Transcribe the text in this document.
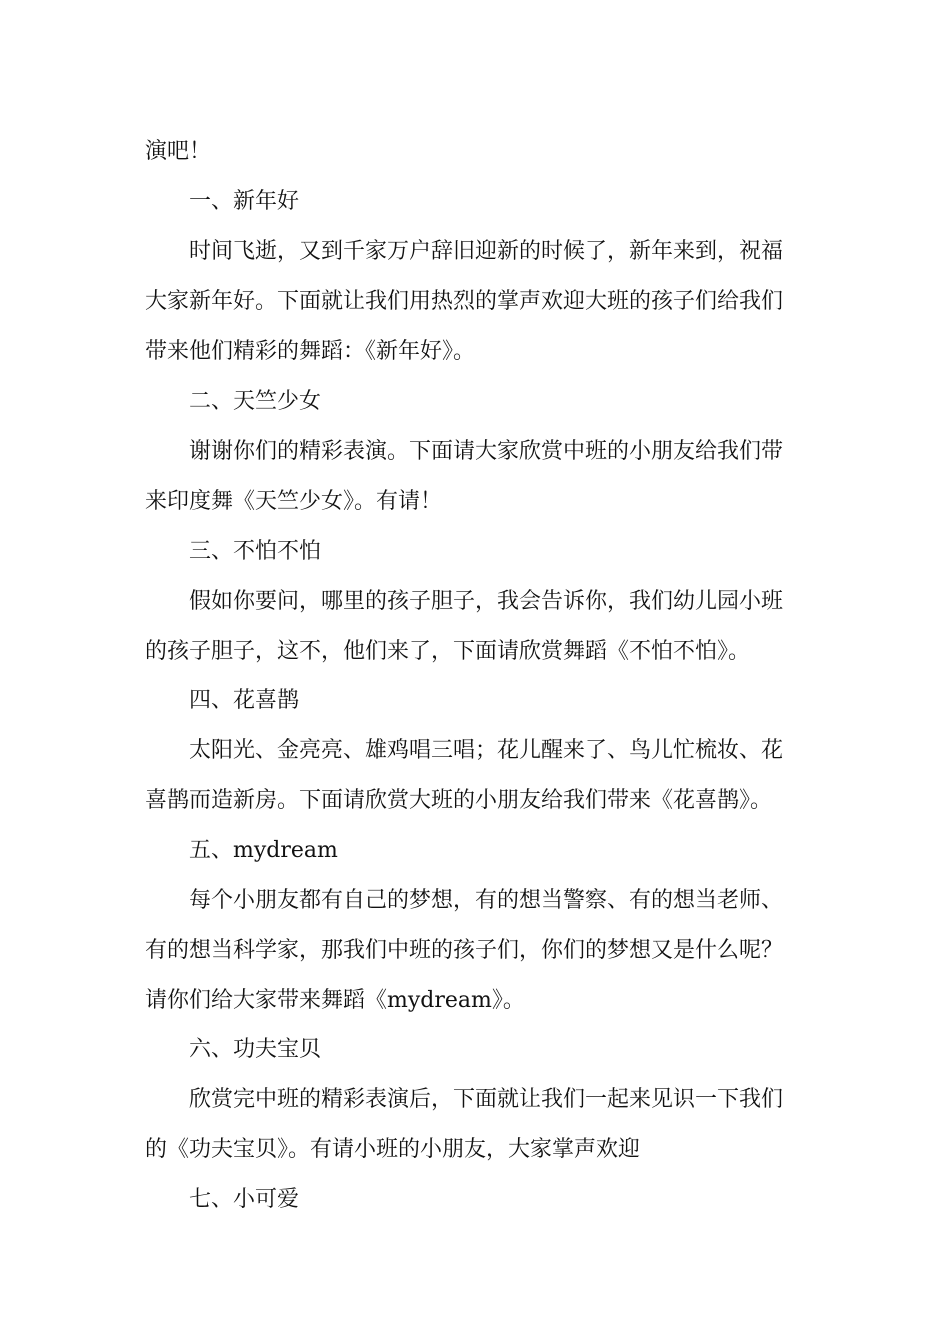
演吧！
一、新年好
时间飞逝，又到千家万户辞旧迎新的时候了，新年来到，祝福
大家新年好。下面就让我们用热烈的掌声欢迎大班的孩子们给我们
带来他们精彩的舞蹈：《新年好》。
二、天竺少女
谢谢你们的精彩表演。下面请大家欣赏中班的小朋友给我们带
来印度舞《天竺少女》。有请！
三、不怕不怕
假如你要问，哪里的孩子胆子，我会告诉你，我们幼儿园小班
的孩子胆子，这不，他们来了，下面请欣赏舞蹈《不怕不怕》。
四、花喜鹊
太阳光、金亮亮、雄鸡唱三唱；花儿醒来了、鸟儿忙梳妆、花
喜鹊而造新房。下面请欣赏大班的小朋友给我们带来《花喜鹊》。
五、mydream
每个小朋友都有自己的梦想，有的想当警察、有的想当老师、
有的想当科学家，那我们中班的孩子们，你们的梦想又是什么呢？
请你们给大家带来舞蹈《mydream》。
六、功夫宝贝
欣赏完中班的精彩表演后，下面就让我们一起来见识一下我们
的《功夫宝贝》。有请小班的小朋友，大家掌声欢迎
七、小可爱
